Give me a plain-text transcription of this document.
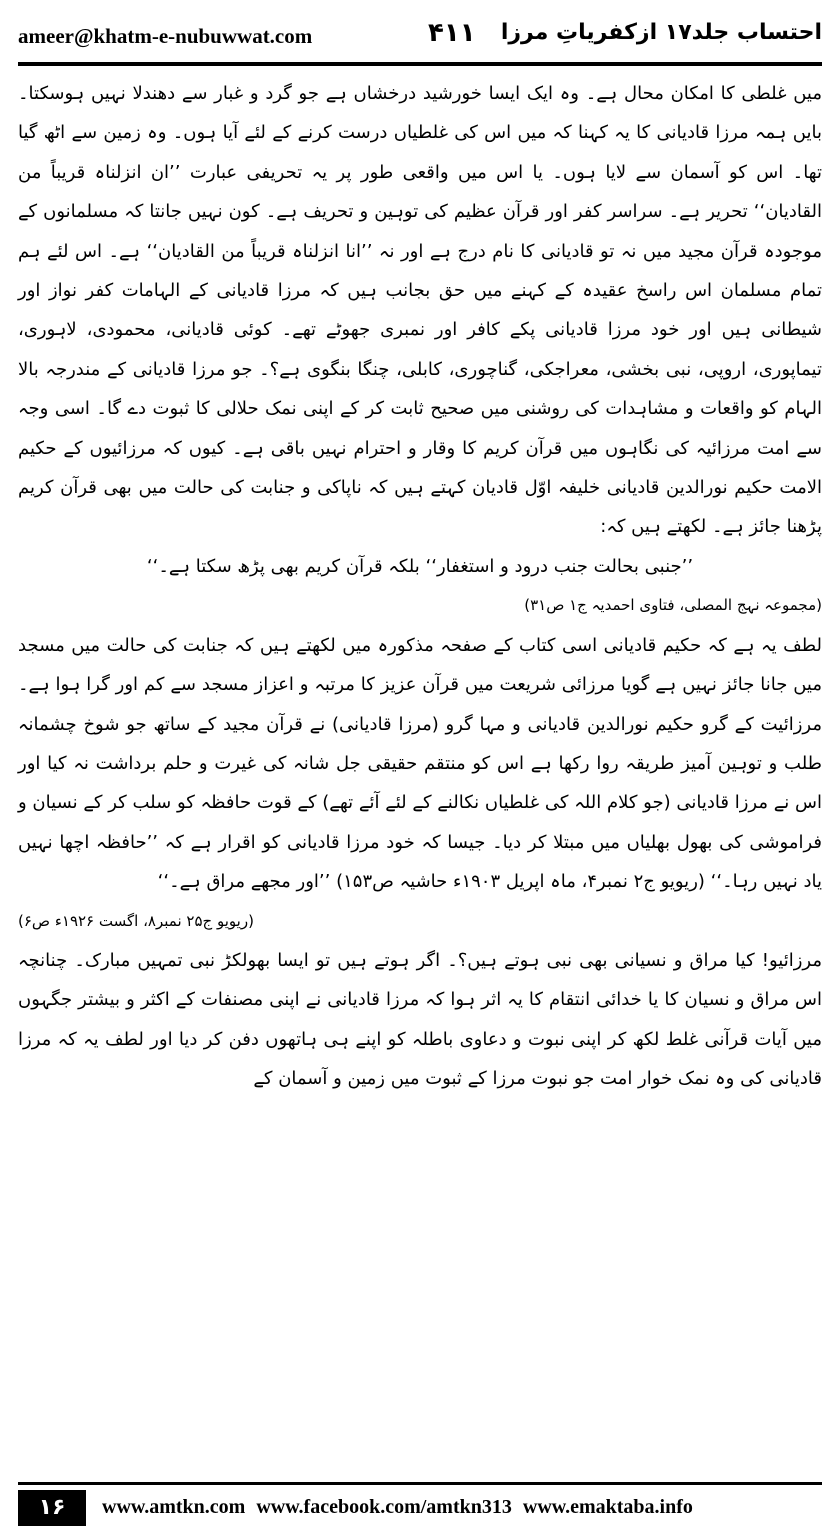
ameer@khatm-e-nubuwwat.com	۴۱۱ احتساب جلد۱۷ ازکفریاتِ مرزا

میں غلطی کا امکان محال ہے۔ وہ ایک ایسا خورشید درخشاں ہے جو گرد و غبار سے دھندلا نہیں ہوسکتا۔ بایں ہمہ مرزا قادیانی کا یہ کہنا کہ میں اس کی غلطیاں درست کرنے کے لئے آیا ہوں۔ وہ زمین سے اٹھ گیا تھا۔ اس کو آسمان سے لایا ہوں۔ یا اس میں واقعی طور پر یہ تحریفی عبارت ’’ان انزلناہ قریباً من القادیان‘‘ تحریر ہے۔ سراسر کفر اور قرآن عظیم کی توہین و تحریف ہے۔ کون نہیں جانتا کہ مسلمانوں کے موجودہ قرآن مجید میں نہ تو قادیانی کا نام درج ہے اور نہ ’’انا انزلناہ قریباً من القادیان‘‘ ہے۔ اس لئے ہم تمام مسلمان اس راسخ عقیدہ کے کہنے میں حق بجانب ہیں کہ مرزا قادیانی کے الہامات کفر نواز اور شیطانی ہیں اور خود مرزا قادیانی پکے کافر اور نمبری جھوٹے تھے۔ کوئی قادیانی، محمودی، لاہوری، تیماپوری، اروپی، نبی بخشی، معراجکی، گناچوری، کابلی، چنگا بنگوی ہے؟۔ جو مرزا قادیانی کے مندرجہ بالا الہام کو واقعات و مشاہدات کی روشنی میں صحیح ثابت کر کے اپنی نمک حلالی کا ثبوت دے گا۔ اسی وجہ سے امت مرزائیہ کی نگاہوں میں قرآن کریم کا وقار و احترام نہیں باقی ہے۔ کیوں کہ مرزائیوں کے حکیم الامت حکیم نورالدین قادیانی خلیفہ اوّل قادیان کہتے ہیں کہ ناپاکی و جنابت کی حالت میں بھی قرآن کریم پڑھنا جائز ہے۔ لکھتے ہیں کہ:

’’جنبی بحالت جنب درود و استغفار‘‘ بلکہ قرآن کریم بھی پڑھ سکتا ہے۔‘‘

(مجموعہ نہج المصلی، فتاوی احمدیہ ج۱ ص۳۱)

لطف یہ ہے کہ حکیم قادیانی اسی کتاب کے صفحہ مذکورہ میں لکھتے ہیں کہ جنابت کی حالت میں مسجد میں جانا جائز نہیں ہے گویا مرزائی شریعت میں قرآن عزیز کا مرتبہ و اعزاز مسجد سے کم اور گرا ہوا ہے۔ مرزائیت کے گرو حکیم نورالدین قادیانی و مہا گرو (مرزا قادیانی) نے قرآن مجید کے ساتھ جو شوخ چشمانہ طلب و توہین آمیز طریقہ روا رکھا ہے اس کو منتقم حقیقی جل شانہ کی غیرت و حلم برداشت نہ کیا اور اس نے مرزا قادیانی (جو کلام اللہ کی غلطیاں نکالنے کے لئے آئے تھے) کے قوت حافظہ کو سلب کر کے نسیان و فراموشی کی بھول بھلیاں میں مبتلا کر دیا۔ جیسا کہ خود مرزا قادیانی کو اقرار ہے کہ ’’حافظہ اچھا نہیں یاد نہیں رہا۔‘‘ (ریویو ج۲ نمبر۴، ماہ اپریل ۱۹۰۳ء حاشیہ ص۱۵۳) ’’اور مجھے مراق ہے۔‘‘

(ریویو ج۲۵ نمبر۸، اگست ۱۹۲۶ء ص۶)

مرزائیو! کیا مراق و نسیانی بھی نبی ہوتے ہیں؟۔ اگر ہوتے ہیں تو ایسا بھولکڑ نبی تمہیں مبارک۔ چنانچہ اس مراق و نسیان کا یا خدائی انتقام کا یہ اثر ہوا کہ مرزا قادیانی نے اپنی مصنفات کے اکثر و بیشتر جگہوں میں آیات قرآنی غلط لکھ کر اپنی نبوت و دعاوی باطلہ کو اپنے ہی ہاتھوں دفن کر دیا اور لطف یہ کہ مرزا قادیانی کی وہ نمک خوار امت جو نبوت مرزا کے ثبوت میں زمین و آسمان کے

۱۶	www.amtkn.com www.facebook.com/amtkn313 www.emaktaba.info
